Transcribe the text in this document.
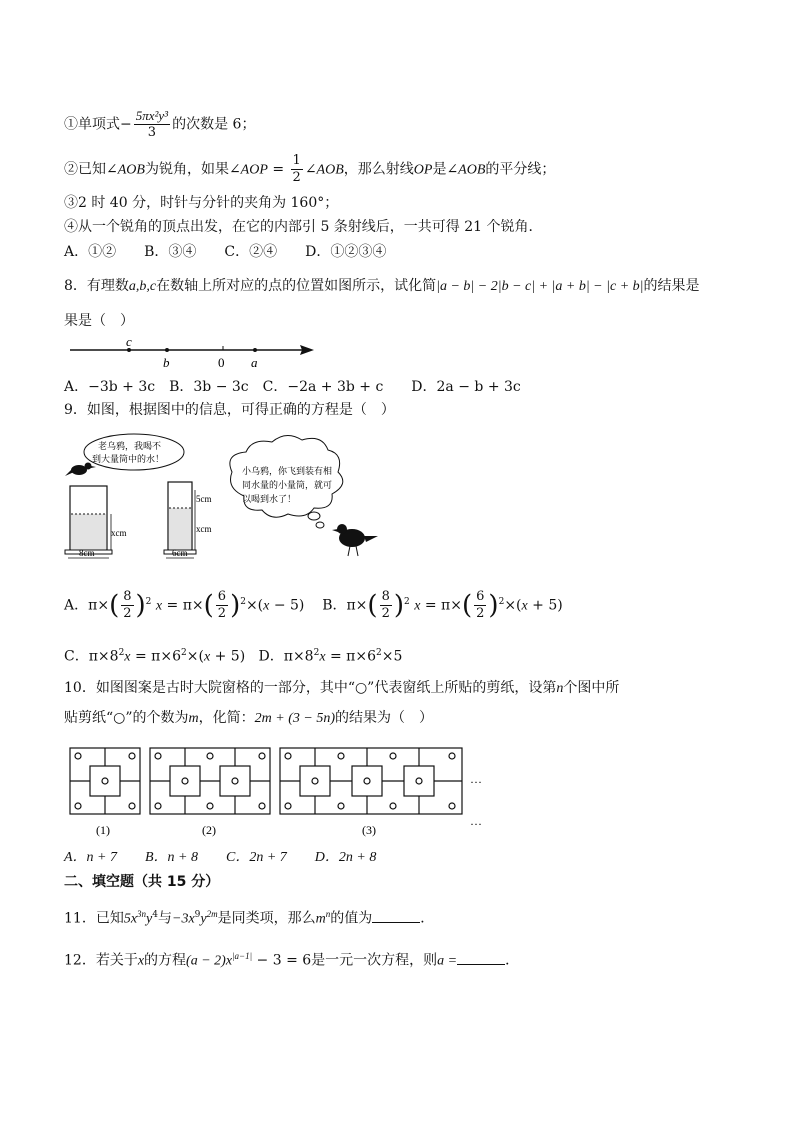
①单项式− $\frac{\text{5πx²y³}}{3}$ 的次数是 6；
②已知∠AOB为锐角，如果∠AOP = $\frac{1}{2}$ ∠AOB，那么射线OP是∠AOB的平分线；
③2 时 40 分，时针与分针的夹角为 160°；
④从一个锐角的顶点出发，在它的内部引 5 条射线后，一共可得 21 个锐角．
A．①②　　B．③④　　C．②④　　D．①②③④
8．有理数a,b,c在数轴上所对应的点的位置如图所示，试化简|a − b| − 2|b − c| + |a + b| − |c + b|的结果是
果是（　）
c
b	0 a
A．−3b + 3c　B．3b − 3c　C．−2a + 3b + c　　D．2a − b + 3c
9．如图，根据图中的信息，可得正确的方程是（　）
老乌鸦，我喝不
到大量筒中的水！
xcm
8cm
5cm
xcm
6cm
小乌鸦，你飞到装有相
同水量的小量筒，就可
以喝到水了！
A．$\pi\times( \frac{8}{2} )^2$ $x = \pi\times( \frac{6}{2} )^2\times(x - 5)$    B．$\pi\times( \frac{8}{2} )^2$ $x = \pi\times( \frac{6}{2} )^2\times(x + 5)$
C．$\pi\times 8^2x = \pi\times 6^2\times(x + 5)$   D．$\pi\times 8^2x = \pi\times 6^2\times 5$
10．如图图案是古时大院窗格的一部分，其中“○”代表窗纸上所贴的剪纸，设第n个图中所
贴剪纸“○”的个数为m，化简：2m + (3 − 5n)的结果为（　）
(1)	(2)	(3)
···
···
A．n + 7　　B．n + 8　　C．2n + 7　　D．2n + 8
二、填空题（共 15 分）
11．已知$5x^{3n}y^4$与$-3x^9y^{2m}$是同类项，那么$m^n$的值为	．
12．若关于x的方程$(a - 2)x^{|a-1|} - 3 = 6$是一元一次方程，则a =	．
